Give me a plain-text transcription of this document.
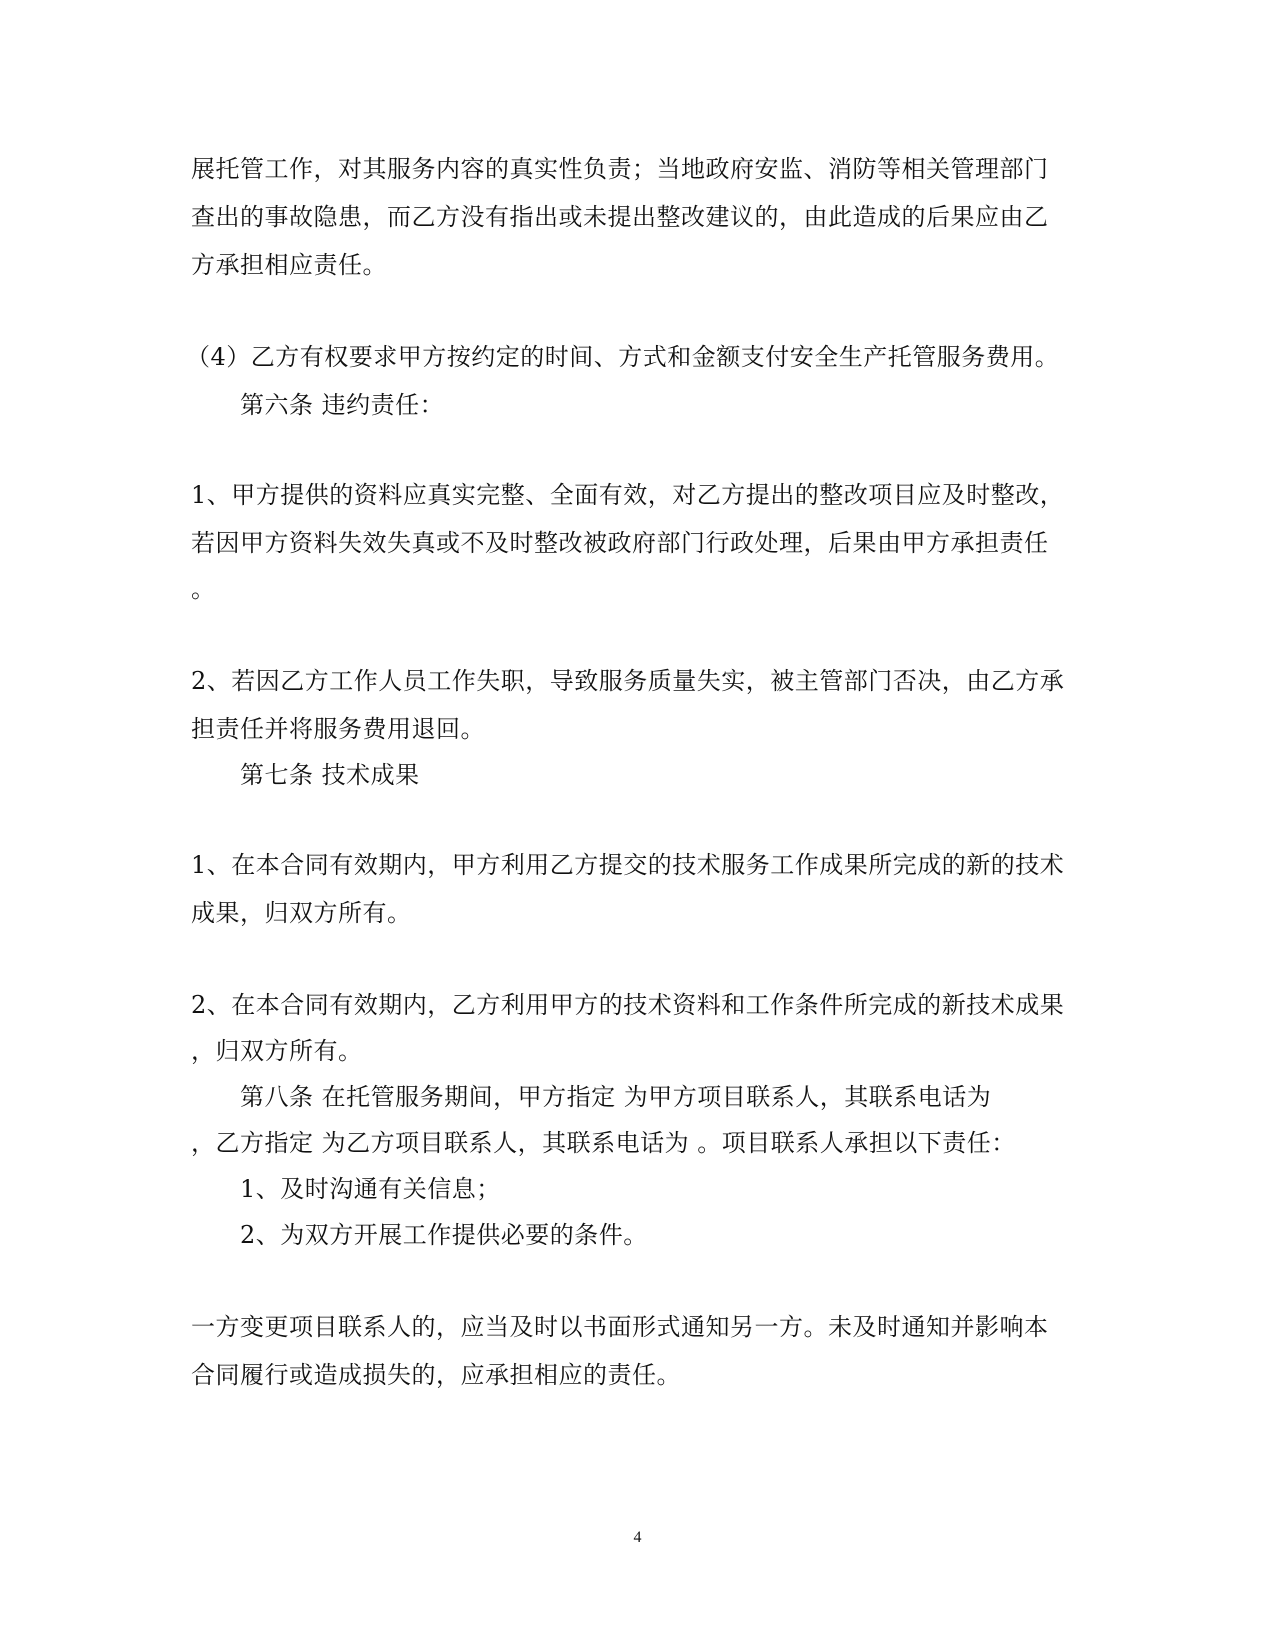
展托管工作，对其服务内容的真实性负责；当地政府安监、消防等相关管理部门
查出的事故隐患，而乙方没有指出或未提出整改建议的，由此造成的后果应由乙
方承担相应责任。
（4）乙方有权要求甲方按约定的时间、方式和金额支付安全生产托管服务费用。
第六条 违约责任：
1、甲方提供的资料应真实完整、全面有效，对乙方提出的整改项目应及时整改，
若因甲方资料失效失真或不及时整改被政府部门行政处理，后果由甲方承担责任
。
2、若因乙方工作人员工作失职，导致服务质量失实，被主管部门否决，由乙方承
担责任并将服务费用退回。
第七条 技术成果
1、在本合同有效期内，甲方利用乙方提交的技术服务工作成果所完成的新的技术
成果，归双方所有。
2、在本合同有效期内，乙方利用甲方的技术资料和工作条件所完成的新技术成果
，归双方所有。
第八条 在托管服务期间，甲方指定 为甲方项目联系人，其联系电话为
，乙方指定 为乙方项目联系人，其联系电话为 。项目联系人承担以下责任：
1、及时沟通有关信息；
2、为双方开展工作提供必要的条件。
一方变更项目联系人的，应当及时以书面形式通知另一方。未及时通知并影响本
合同履行或造成损失的，应承担相应的责任。
4
